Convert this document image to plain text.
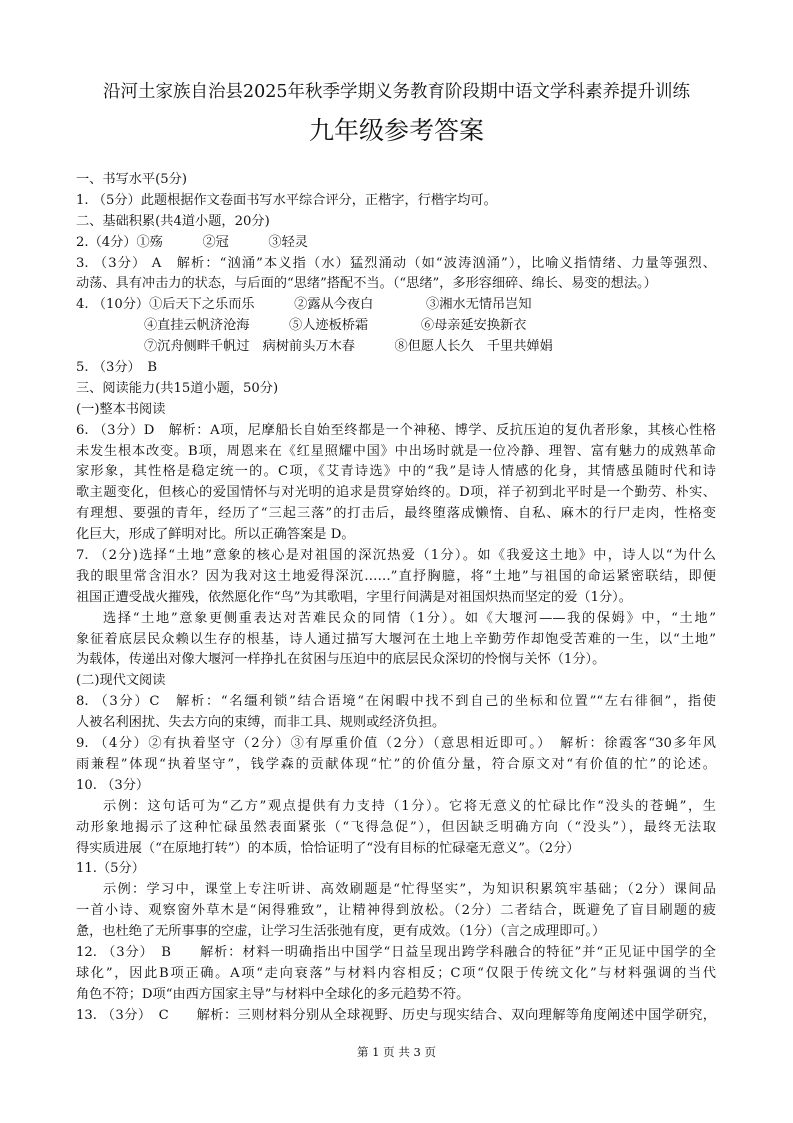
沿河土家族自治县2025年秋季学期义务教育阶段期中语文学科素养提升训练
九年级参考答案
一、书写水平(5分)
1. （5分）此题根据作文卷面书写水平综合评分，正楷字，行楷字均可。
二、基础积累(共4道小题，20分)
2.（4分）①殇　　　②冠　　　③轻灵
3. （3分） A　解析：“汹涌”本义指（水）猛烈涌动（如“波涛汹涌”），比喻义指情绪、力量等强烈、
动荡、具有冲击力的状态，与后面的“思绪”搭配不当。（“思绪”，多形容细碎、绵长、易变的想法。）
4. （10分）①后天下之乐而乐　　　②露从今夜白　　　　③湘水无情吊岂知
④直挂云帆济沧海　　　⑤人迹板桥霜　　　　⑥母亲延安换新衣
⑦沉舟侧畔千帆过　病树前头万木春　　　⑧但愿人长久　千里共婵娟
5. （3分）　B
三、阅读能力(共15道小题，50分)
(一)整本书阅读
6. （3分）D　解析：A项，尼摩船长自始至终都是一个神秘、博学、反抗压迫的复仇者形象，其核心性格
未发生根本改变。B项，周恩来在《红星照耀中国》中出场时就是一位冷静、理智、富有魅力的成熟革命
家形象，其性格是稳定统一的。C项，《艾青诗选》中的“我”是诗人情感的化身，其情感虽随时代和诗
歌主题变化，但核心的爱国情怀与对光明的追求是贯穿始终的。D项，祥子初到北平时是一个勤劳、朴实、
有理想、要强的青年，经历了“三起三落”的打击后，最终堕落成懒惰、自私、麻木的行尸走肉，性格变
化巨大，形成了鲜明对比。所以正确答案是 D。
7. （2分)选择“土地”意象的核心是对祖国的深沉热爱（1分）。如《我爱这土地》中，诗人以“为什么
我的眼里常含泪水？因为我对这土地爱得深沉……”直抒胸臆，将“土地”与祖国的命运紧密联结，即便
祖国正遭受战火摧残，依然愿化作“鸟”为其歌唱，字里行间满是对祖国炽热而坚定的爱（1分）。
选择“土地”意象更侧重表达对苦难民众的同情（1分）。如《大堰河——我的保姆》中，“土地”
象征着底层民众赖以生存的根基，诗人通过描写大堰河在土地上辛勤劳作却饱受苦难的一生，以“土地”
为载体，传递出对像大堰河一样挣扎在贫困与压迫中的底层民众深切的怜悯与关怀（1分）。
(二)现代文阅读
8. （3分）C　解析：“名缰利锁”结合语境“在闲暇中找不到自己的坐标和位置”“左右徘徊”，指使
人被名利困扰、失去方向的束缚，而非工具、规则或经济负担。
9. （4分）②有执着坚守（2分）③有厚重价值（2分）（意思相近即可。）　解析：徐霞客“30多年风
雨兼程”体现“执着坚守”，钱学森的贡献体现“忙”的价值分量，符合原文对“有价值的忙”的论述。
10. （3分）
示例：这句话可为“乙方”观点提供有力支持（1分）。它将无意义的忙碌比作“没头的苍蝇”，生
动形象地揭示了这种忙碌虽然表面紧张（“飞得急促”），但因缺乏明确方向（“没头”），最终无法取
得实质进展（“在原地打转”）的本质，恰恰证明了“没有目标的忙碌毫无意义”。（2分）
11.（5分）
示例：学习中，课堂上专注听讲、高效刷题是“忙得坚实”，为知识积累筑牢基础；（2分）课间品
一首小诗、观察窗外草木是“闲得雅致”，让精神得到放松。（2分）二者结合，既避免了盲目刷题的疲
惫，也杜绝了无所事事的空虚，让学习生活张弛有度，更有成效。（1分）（言之成理即可。）
12. （3分）　B　　解析：材料一明确指出中国学“日益呈现出跨学科融合的特征”并“正见证中国学的全
球化”，因此B项正确。A项“走向衰落”与材料内容相反；C项“仅限于传统文化”与材料强调的当代
角色不符；D项“由西方国家主导”与材料中全球化的多元趋势不符。
13. （3分）　C　　解析：三则材料分别从全球视野、历史与现实结合、双向理解等角度阐述中国学研究，
第 1 页 共 3 页
